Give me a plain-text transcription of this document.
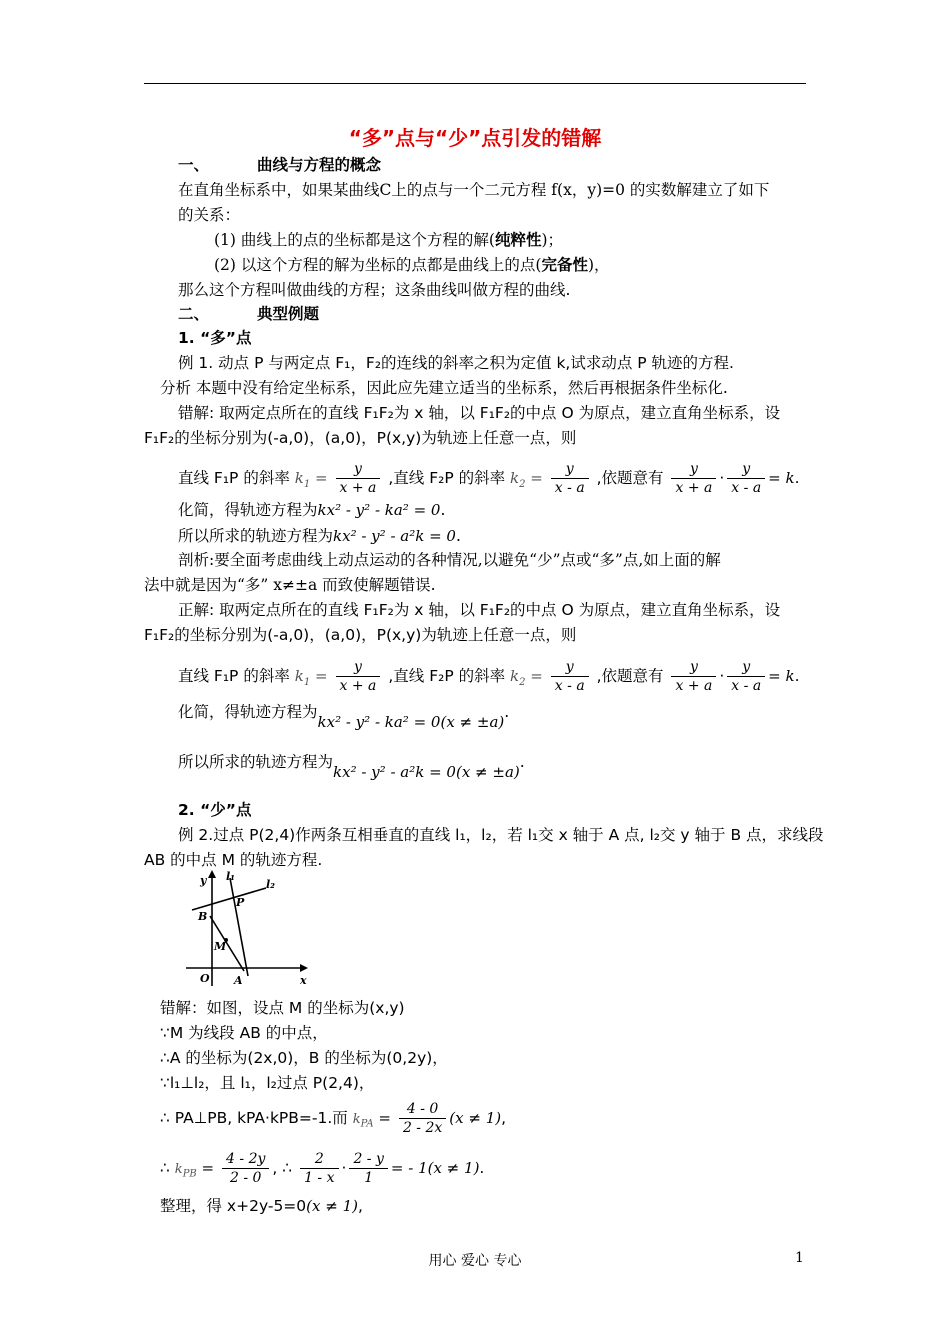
“多”点与“少”点引发的错解
一、	曲线与方程的概念
在直角坐标系中，如果某曲线C上的点与一个二元方程 f(x，y)=0 的实数解建立了如下
的关系：
(1) 曲线上的点的坐标都是这个方程的解(纯粹性)；
(2) 以这个方程的解为坐标的点都是曲线上的点(完备性)，
那么这个方程叫做曲线的方程；这条曲线叫做方程的曲线.
二、	典型例题
1. “多”点
例 1. 动点 P 与两定点 F₁，F₂的连线的斜率之积为定值 k,试求动点 P 轨迹的方程.
分析 本题中没有给定坐标系，因此应先建立适当的坐标系，然后再根据条件坐标化.
错解: 取两定点所在的直线 F₁F₂为 x 轴，以 F₁F₂的中点 O 为原点，建立直角坐标系，设
F₁F₂的坐标分别为(-a,0)，(a,0)，P(x,y)为轨迹上任意一点，则
直线 F₁P 的斜率 $k_1 = \frac{y}{x + a}$ ,直线 F₂P 的斜率 $k_2 = \frac{y}{x - a}$ ,依题意有 $\frac{y}{x + a} \cdot \frac{y}{x - a} = k$.
化简，得轨迹方程为kx² - y² - ka² = 0.
所以所求的轨迹方程为kx² - y² - a²k = 0.
剖析:要全面考虑曲线上动点运动的各种情况,以避免“少”点或“多”点,如上面的解
法中就是因为“多” x≠±a 而致使解题错误.
正解: 取两定点所在的直线 F₁F₂为 x 轴，以 F₁F₂的中点 O 为原点，建立直角坐标系，设
F₁F₂的坐标分别为(-a,0)，(a,0)，P(x,y)为轨迹上任意一点，则
直线 F₁P 的斜率 $k_1 = \frac{y}{x + a}$ ,直线 F₂P 的斜率 $k_2 = \frac{y}{x - a}$ ,依题意有 $\frac{y}{x + a} \cdot \frac{y}{x - a} = k$.
化简，得轨迹方程为kx² - y² - ka² = 0(x ≠ ±a).
所以所求的轨迹方程为kx² - y² - a²k = 0(x ≠ ±a).
2. “少”点
例 2.过点 P(2,4)作两条互相垂直的直线 l₁，l₂，若 l₁交 x 轴于 A 点, l₂交 y 轴于 B 点，求线段
AB 的中点 M 的轨迹方程.
y
x
O A
B
M
P
l₁
l₂
错解：如图，设点 M 的坐标为(x,y)
∵M 为线段 AB 的中点，
∴A 的坐标为(2x,0)，B 的坐标为(0,2y)，
∵l₁⊥l₂，且 l₁，l₂过点 P(2,4)，
∴ PA⊥PB, kPA·kPB=-1.而 $k_{PA} = \frac{4 - 0}{2 - 2x} (x \ne 1)$,
∴ $k_{PB} = \frac{4 - 2y}{2 - 0}$ , ∴ $\frac{2}{1 - x} \cdot \frac{2 - y}{1}$ = - 1(x ≠ 1).
整理，得 x+2y-5=0(x ≠ 1),
用心 爱心 专心	1
